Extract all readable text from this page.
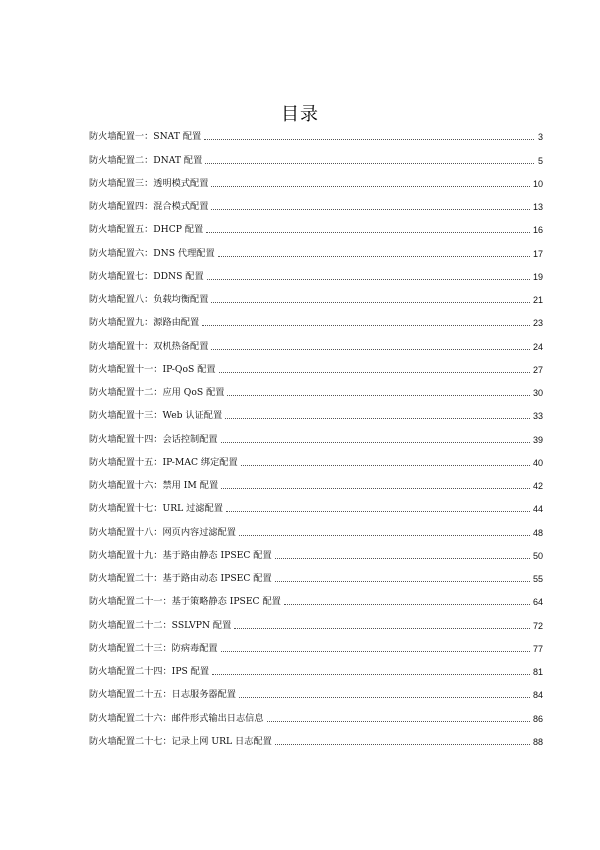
目录
防火墙配置一：SNAT 配置	3
防火墙配置二：DNAT 配置	5
防火墙配置三：透明模式配置	10
防火墙配置四：混合模式配置	13
防火墙配置五：DHCP 配置	16
防火墙配置六：DNS 代理配置	17
防火墙配置七：DDNS 配置	19
防火墙配置八：负载均衡配置	21
防火墙配置九：源路由配置	23
防火墙配置十：双机热备配置	24
防火墙配置十一：IP-QoS 配置	27
防火墙配置十二：应用 QoS 配置	30
防火墙配置十三：Web 认证配置	33
防火墙配置十四：会话控制配置	39
防火墙配置十五：IP-MAC 绑定配置	40
防火墙配置十六：禁用 IM 配置	42
防火墙配置十七：URL 过滤配置	44
防火墙配置十八：网页内容过滤配置	48
防火墙配置十九：基于路由静态 IPSEC 配置	50
防火墙配置二十：基于路由动态 IPSEC 配置	55
防火墙配置二十一：基于策略静态 IPSEC 配置	64
防火墙配置二十二：SSLVPN 配置	72
防火墙配置二十三：防病毒配置	77
防火墙配置二十四：IPS 配置	81
防火墙配置二十五：日志服务器配置	84
防火墙配置二十六：邮件形式输出日志信息	86
防火墙配置二十七：记录上网 URL 日志配置	88
